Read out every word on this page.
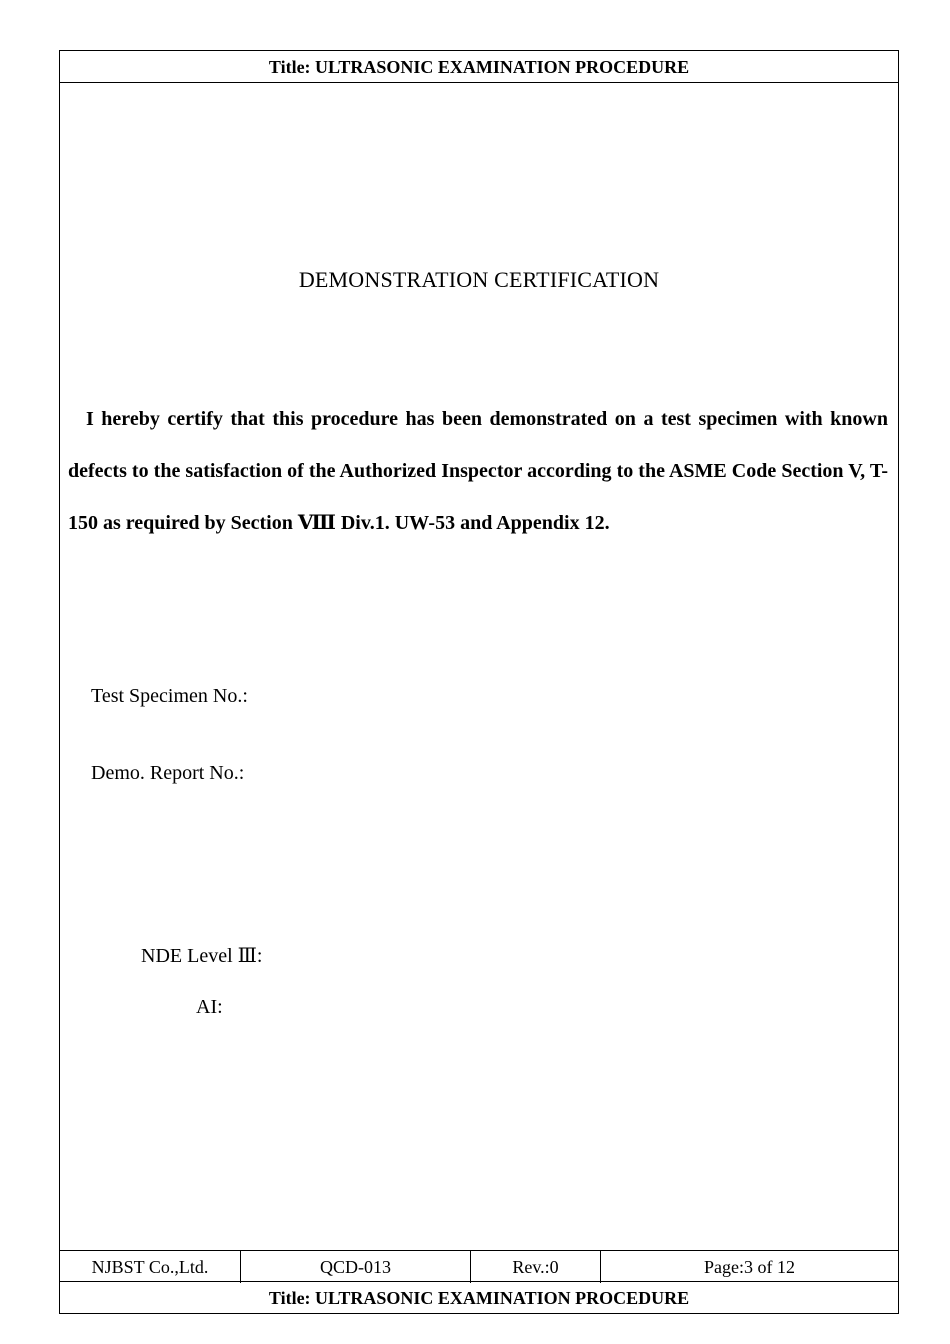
Title: ULTRASONIC EXAMINATION PROCEDURE
DEMONSTRATION CERTIFICATION
I hereby certify that this procedure has been demonstrated on a test specimen with known defects to the satisfaction of the Authorized Inspector according to the ASME Code Section V, T-150 as required by Section Ⅷ Div.1. UW-53 and Appendix 12.
Test Specimen No.:
Demo. Report No.:
NDE Level Ⅲ:
AI:
NJBST Co.,Ltd.	QCD-013	Rev.:0	Page:3 of 12
Title: ULTRASONIC EXAMINATION PROCEDURE
